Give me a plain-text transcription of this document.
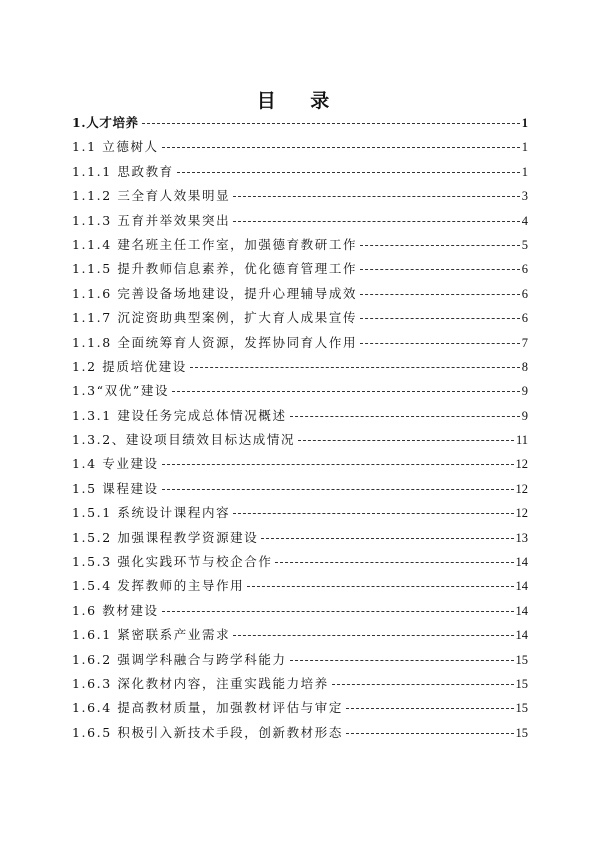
目 录
1.人才培养	1
1.1 立德树人	1
1.1.1 思政教育	1
1.1.2 三全育人效果明显	3
1.1.3 五育并举效果突出	4
1.1.4 建名班主任工作室，加强德育教研工作	5
1.1.5 提升教师信息素养，优化德育管理工作	6
1.1.6 完善设备场地建设，提升心理辅导成效	6
1.1.7 沉淀资助典型案例，扩大育人成果宣传	6
1.1.8 全面统筹育人资源，发挥协同育人作用	7
1.2 提质培优建设	8
1.3“双优”建设	9
1.3.1 建设任务完成总体情况概述	9
1.3.2、建设项目绩效目标达成情况	11
1.4 专业建设	12
1.5 课程建设	12
1.5.1 系统设计课程内容	12
1.5.2 加强课程教学资源建设	13
1.5.3 强化实践环节与校企合作	14
1.5.4 发挥教师的主导作用	14
1.6 教材建设	14
1.6.1 紧密联系产业需求	14
1.6.2 强调学科融合与跨学科能力	15
1.6.3 深化教材内容，注重实践能力培养	15
1.6.4 提高教材质量，加强教材评估与审定	15
1.6.5 积极引入新技术手段，创新教材形态	15
